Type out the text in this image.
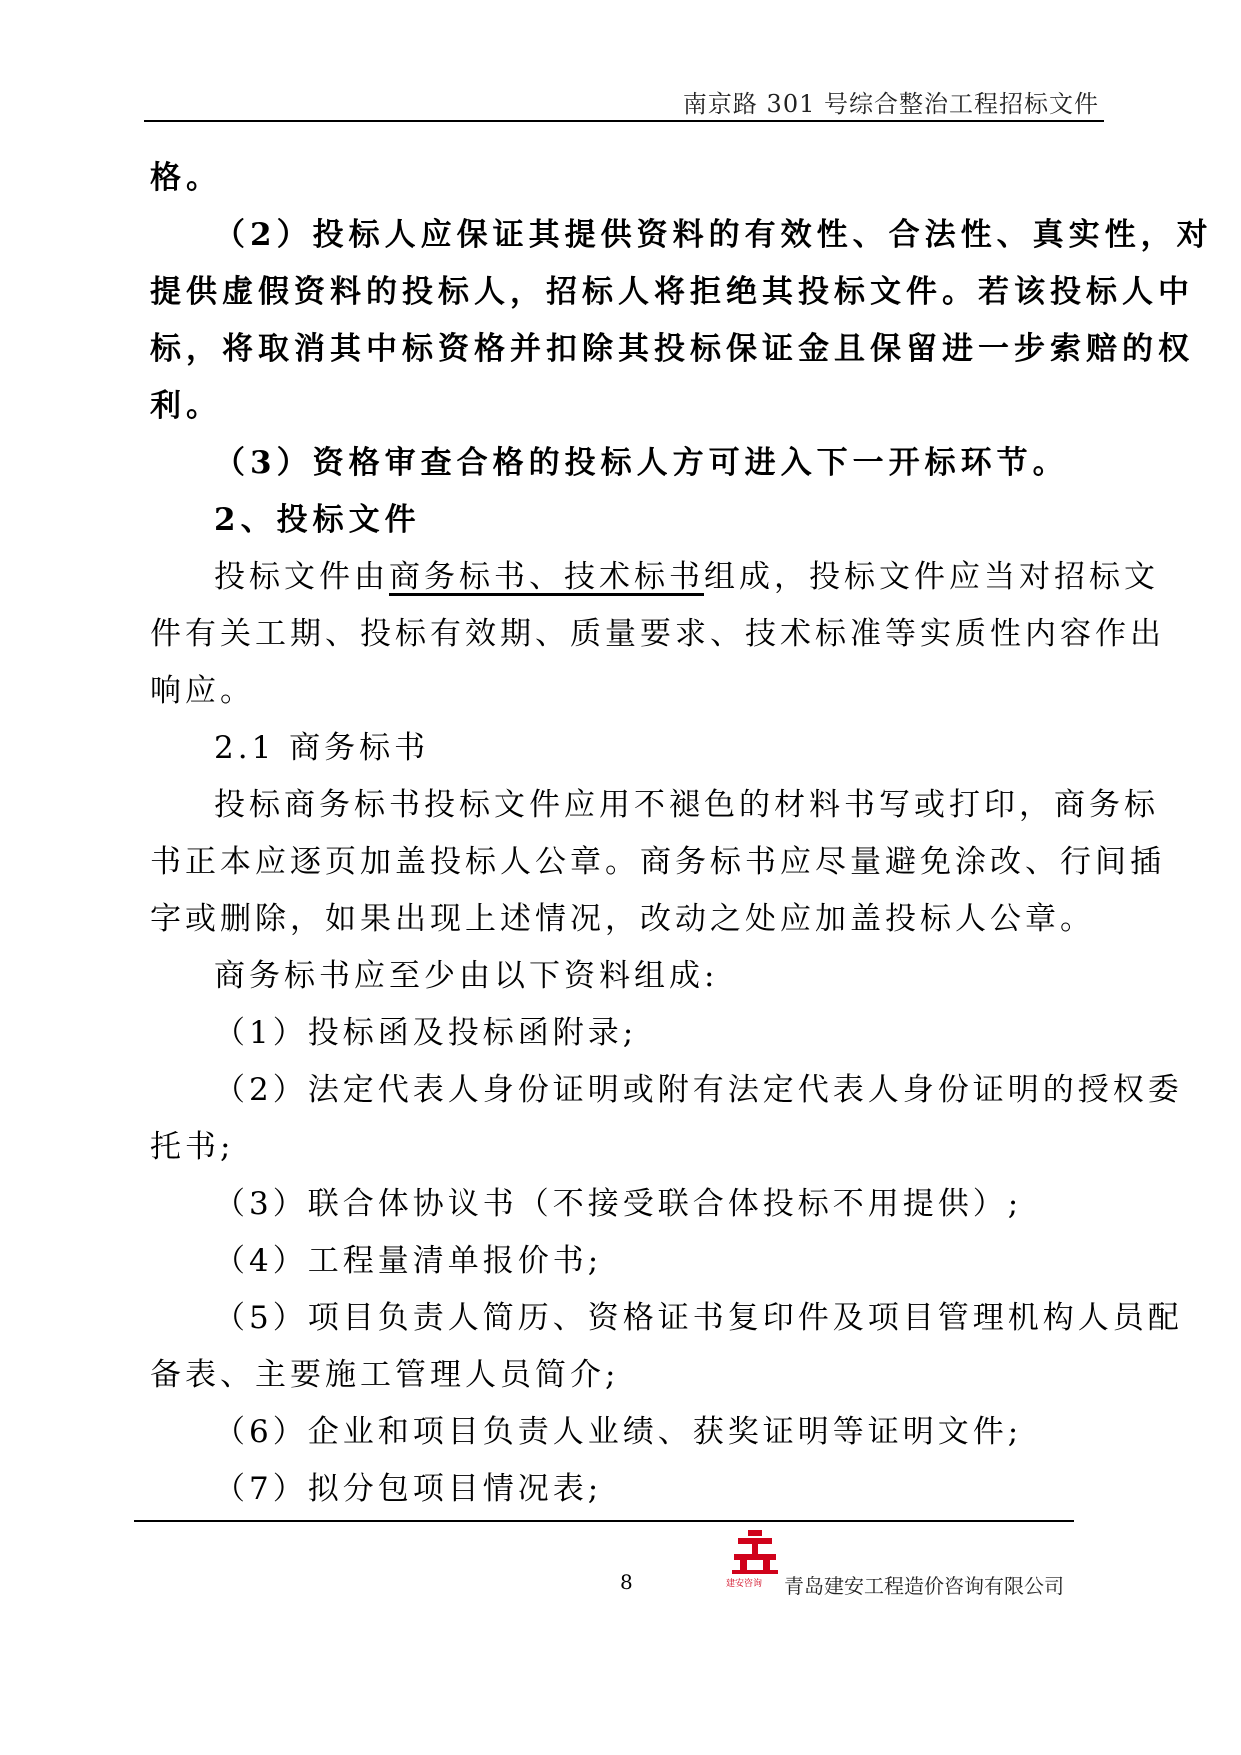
南京路 301 号综合整治工程招标文件

格。

（2）投标人应保证其提供资料的有效性、合法性、真实性，对

提供虚假资料的投标人，招标人将拒绝其投标文件。若该投标人中

标，将取消其中标资格并扣除其投标保证金且保留进一步索赔的权

利。

（3）资格审查合格的投标人方可进入下一开标环节。

2、投标文件

投标文件由商务标书、技术标书组成，投标文件应当对招标文

件有关工期、投标有效期、质量要求、技术标准等实质性内容作出

响应。

2.1 商务标书

投标商务标书投标文件应用不褪色的材料书写或打印，商务标

书正本应逐页加盖投标人公章。商务标书应尽量避免涂改、行间插

字或删除，如果出现上述情况，改动之处应加盖投标人公章。

商务标书应至少由以下资料组成:

（1）投标函及投标函附录;

（2）法定代表人身份证明或附有法定代表人身份证明的授权委

托书;

（3）联合体协议书（不接受联合体投标不用提供）;

（4）工程量清单报价书;

（5）项目负责人简历、资格证书复印件及项目管理机构人员配

备表、主要施工管理人员简介;

（6）企业和项目负责人业绩、获奖证明等证明文件;

（7）拟分包项目情况表;

8	建安咨询 青岛建安工程造价咨询有限公司
